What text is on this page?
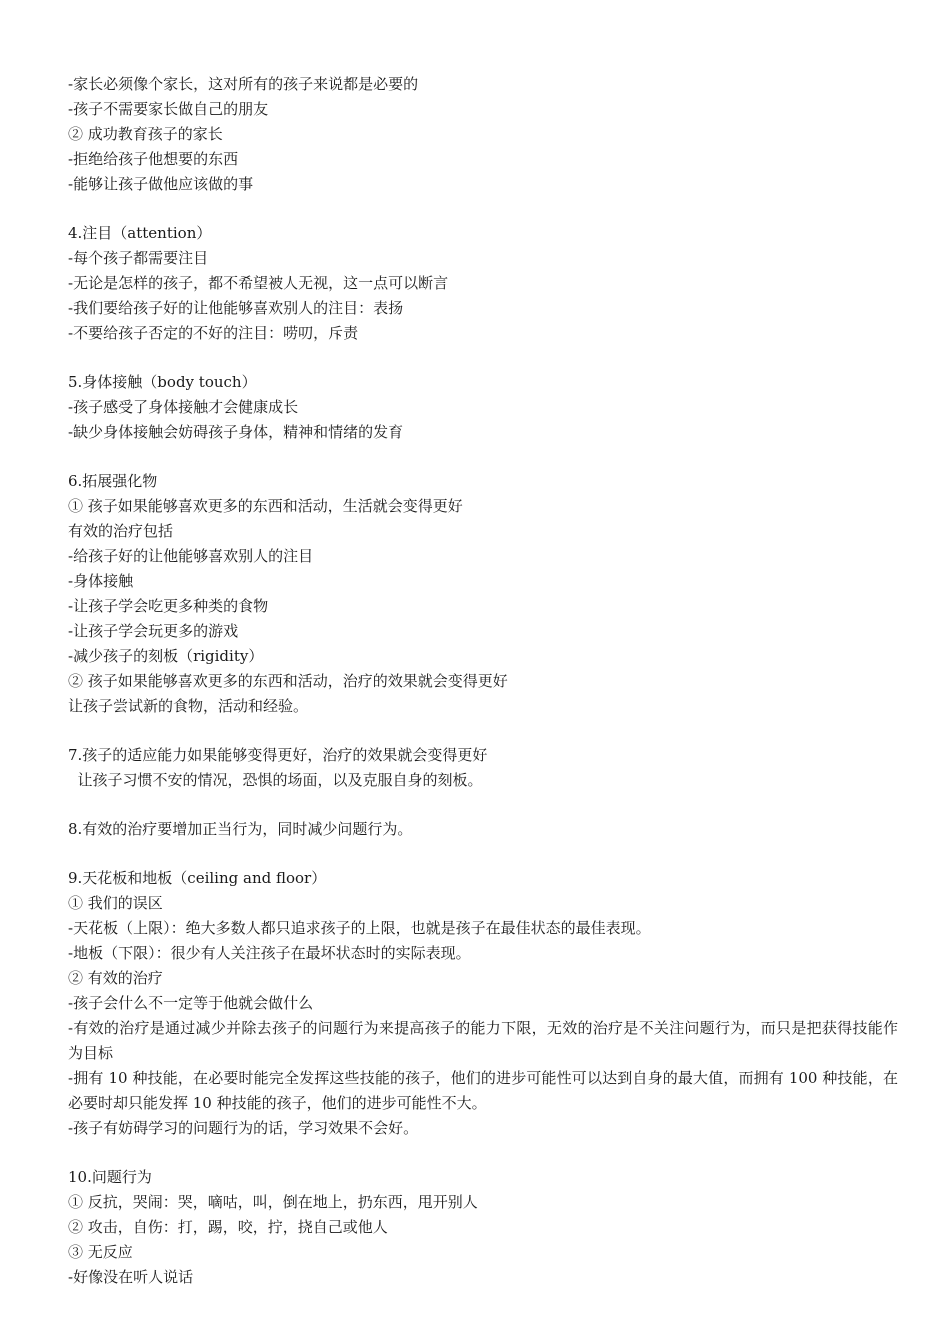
-家长必须像个家长，这对所有的孩子来说都是必要的

-孩子不需要家长做自己的朋友

② 成功教育孩子的家长

-拒绝给孩子他想要的东西

-能够让孩子做他应该做的事

4.注目（attention）

-每个孩子都需要注目

-无论是怎样的孩子，都不希望被人无视，这一点可以断言

-我们要给孩子好的让他能够喜欢别人的注目：表扬

-不要给孩子否定的不好的注目：唠叨，斥责

5.身体接触（body touch）

-孩子感受了身体接触才会健康成长

-缺少身体接触会妨碍孩子身体，精神和情绪的发育

6.拓展强化物

① 孩子如果能够喜欢更多的东西和活动，生活就会变得更好

有效的治疗包括

-给孩子好的让他能够喜欢别人的注目

-身体接触

-让孩子学会吃更多种类的食物

-让孩子学会玩更多的游戏

-减少孩子的刻板（rigidity）

② 孩子如果能够喜欢更多的东西和活动，治疗的效果就会变得更好

让孩子尝试新的食物，活动和经验。

7.孩子的适应能力如果能够变得更好，治疗的效果就会变得更好

让孩子习惯不安的情况，恐惧的场面，以及克服自身的刻板。

8.有效的治疗要增加正当行为，同时减少问题行为。

9.天花板和地板（ceiling and floor）

① 我们的误区

-天花板（上限）：绝大多数人都只追求孩子的上限，也就是孩子在最佳状态的最佳表现。

-地板（下限）：很少有人关注孩子在最坏状态时的实际表现。

② 有效的治疗

-孩子会什么不一定等于他就会做什么

-有效的治疗是通过减少并除去孩子的问题行为来提高孩子的能力下限，无效的治疗是不关注问题行为，而只是把获得技能作为目标

-拥有 10 种技能，在必要时能完全发挥这些技能的孩子，他们的进步可能性可以达到自身的最大值，而拥有 100 种技能，在必要时却只能发挥 10 种技能的孩子，他们的进步可能性不大。

-孩子有妨碍学习的问题行为的话，学习效果不会好。

10.问题行为

① 反抗，哭闹：哭，嘀咕，叫，倒在地上，扔东西，甩开别人

② 攻击，自伤：打，踢，咬，拧，挠自己或他人

③ 无反应

-好像没在听人说话
